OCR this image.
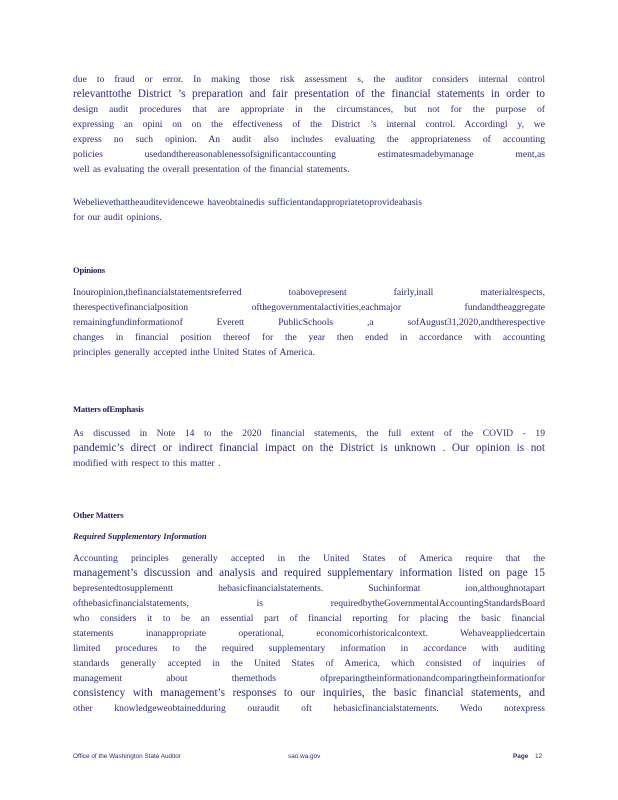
due to fraud or error. In making those risk assessment s, the auditor considers internal control
relevanttothe District ’s preparation and fair presentation of the financial statements in order to
design audit procedures that are appropriate in the circumstances, but not for the purpose of
expressing an opini on on the effectiveness of the District ’s internal control. Accordingl y, we
express no such opinion. An audit also includes evaluating the appropriateness of accounting
policies usedandthereasonablenessofsignificantaccounting estimatesmadebymanage ment,as
well as evaluating the overall presentation of the financial statements.
Webelievethattheauditevidencewe haveobtainedis sufficientandappropriatetoprovideabasis
for our audit opinions.

Opinions

Inouropinion,thefinancialstatementsreferred toabovepresent fairly,inall materialrespects,
therespectivefinancialposition ofthegovernmentalactivities,eachmajor fundandtheaggregate
remainingfundinformationof Everett PublicSchools ,a sofAugust31,2020,andtherespective
changes in financial position thereof for the year then ended in accordance with accounting
principles generally accepted inthe United States of America.

Matters ofEmphasis

As discussed in Note 14 to the 2020 financial statements, the full extent of the COVID - 19
pandemic’s direct or indirect financial impact on the District is unknown . Our opinion is not
modified with respect to this matter .

Other Matters

Required Supplementary Information

Accounting principles generally accepted in the United States of America require that the
management’s discussion and analysis and required supplementary information listed on page 15
bepresentedtosupplementt hebasicfinancialstatements. Suchinformat ion,althoughnotapart
ofthebasicfinancialstatements, is requiredbytheGovernmentalAccountingStandardsBoard
who considers it to be an essential part of financial reporting for placing the basic financial
statements inanappropriate operational, economicorhistoricalcontext. Wehaveappliedcertain
limited procedures to the required supplementary information in accordance with auditing
standards generally accepted in the United States of America, which consisted of inquiries of
management about themethods ofpreparingtheinformationandcomparingtheinformationfor
consistency with management’s responses to our inquiries, the basic financial statements, and
other knowledgeweobtainedduring ouraudit oft hebasicfinancialstatements. Wedo notexpress
Office of the Washington State Auditor	sao.wa.gov	Page 12
